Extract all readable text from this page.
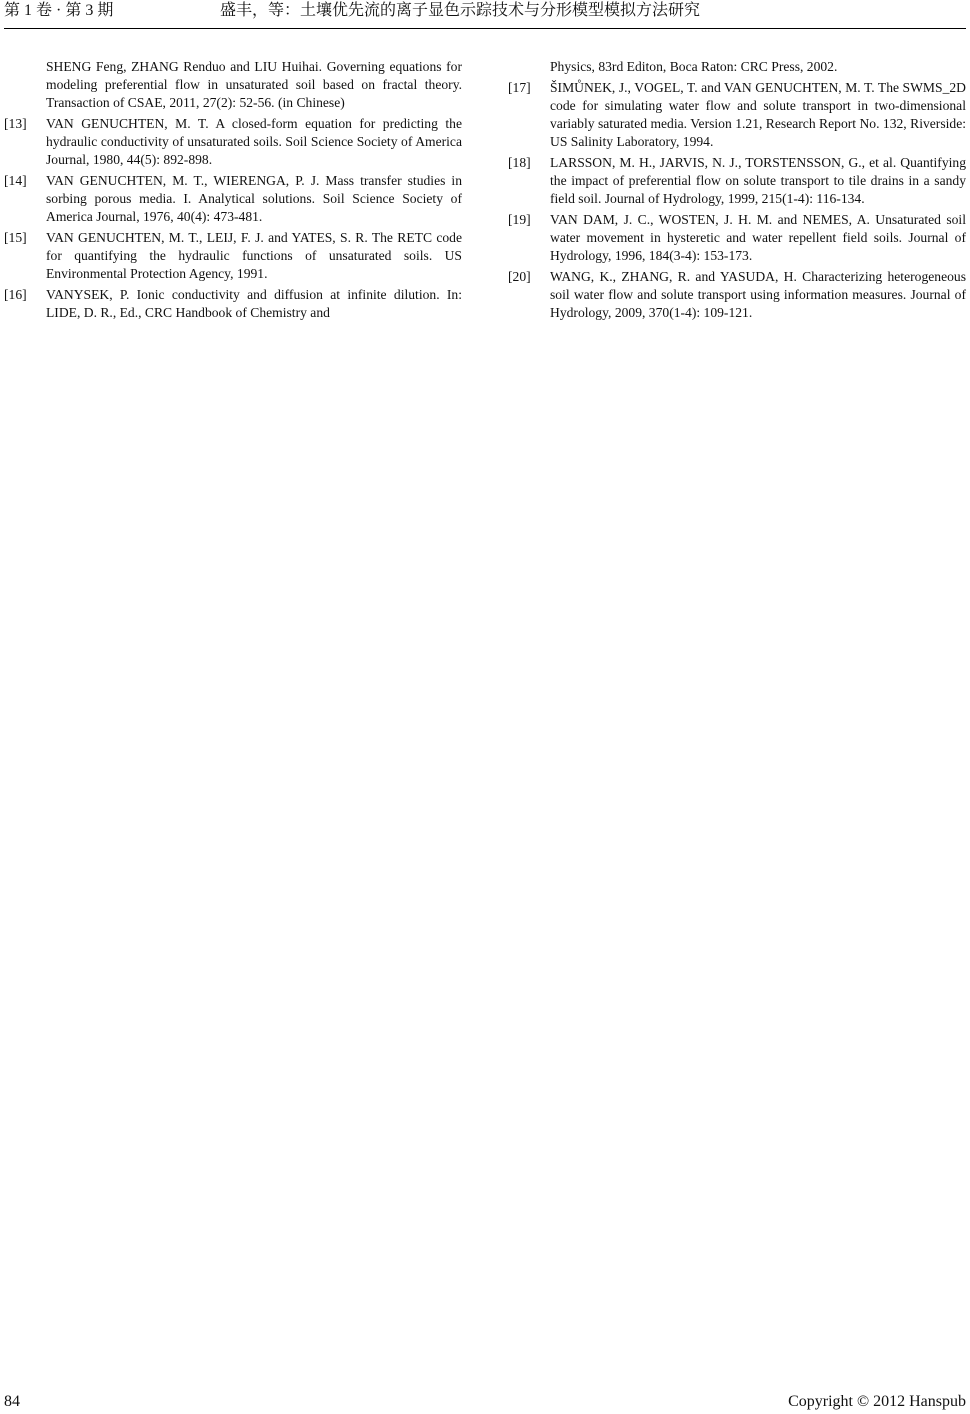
第 1 卷 · 第 3 期	盛丰，等：土壤优先流的离子显色示踪技术与分形模型模拟方法研究
SHENG Feng, ZHANG Renduo and LIU Huihai. Governing equations for modeling preferential flow in unsaturated soil based on fractal theory. Transaction of CSAE, 2011, 27(2): 52-56. (in Chinese)
[13] VAN GENUCHTEN, M. T. A closed-form equation for predicting the hydraulic conductivity of unsaturated soils. Soil Science Society of America Journal, 1980, 44(5): 892-898.
[14] VAN GENUCHTEN, M. T., WIERENGA, P. J. Mass transfer studies in sorbing porous media. I. Analytical solutions. Soil Science Society of America Journal, 1976, 40(4): 473-481.
[15] VAN GENUCHTEN, M. T., LEIJ, F. J. and YATES, S. R. The RETC code for quantifying the hydraulic functions of unsaturated soils. US Environmental Protection Agency, 1991.
[16] VANYSEK, P. Ionic conductivity and diffusion at infinite dilution. In: LIDE, D. R., Ed., CRC Handbook of Chemistry and
Physics, 83rd Editon, Boca Raton: CRC Press, 2002.
[17] ŠIMŮNEK, J., VOGEL, T. and VAN GENUCHTEN, M. T. The SWMS_2D code for simulating water flow and solute transport in two-dimensional variably saturated media. Version 1.21, Research Report No. 132, Riverside: US Salinity Laboratory, 1994.
[18] LARSSON, M. H., JARVIS, N. J., TORSTENSSON, G., et al. Quantifying the impact of preferential flow on solute transport to tile drains in a sandy field soil. Journal of Hydrology, 1999, 215(1-4): 116-134.
[19] VAN DAM, J. C., WOSTEN, J. H. M. and NEMES, A. Unsaturated soil water movement in hysteretic and water repellent field soils. Journal of Hydrology, 1996, 184(3-4): 153-173.
[20] WANG, K., ZHANG, R. and YASUDA, H. Characterizing heterogeneous soil water flow and solute transport using information measures. Journal of Hydrology, 2009, 370(1-4): 109-121.
84	Copyright © 2012 Hanspub
